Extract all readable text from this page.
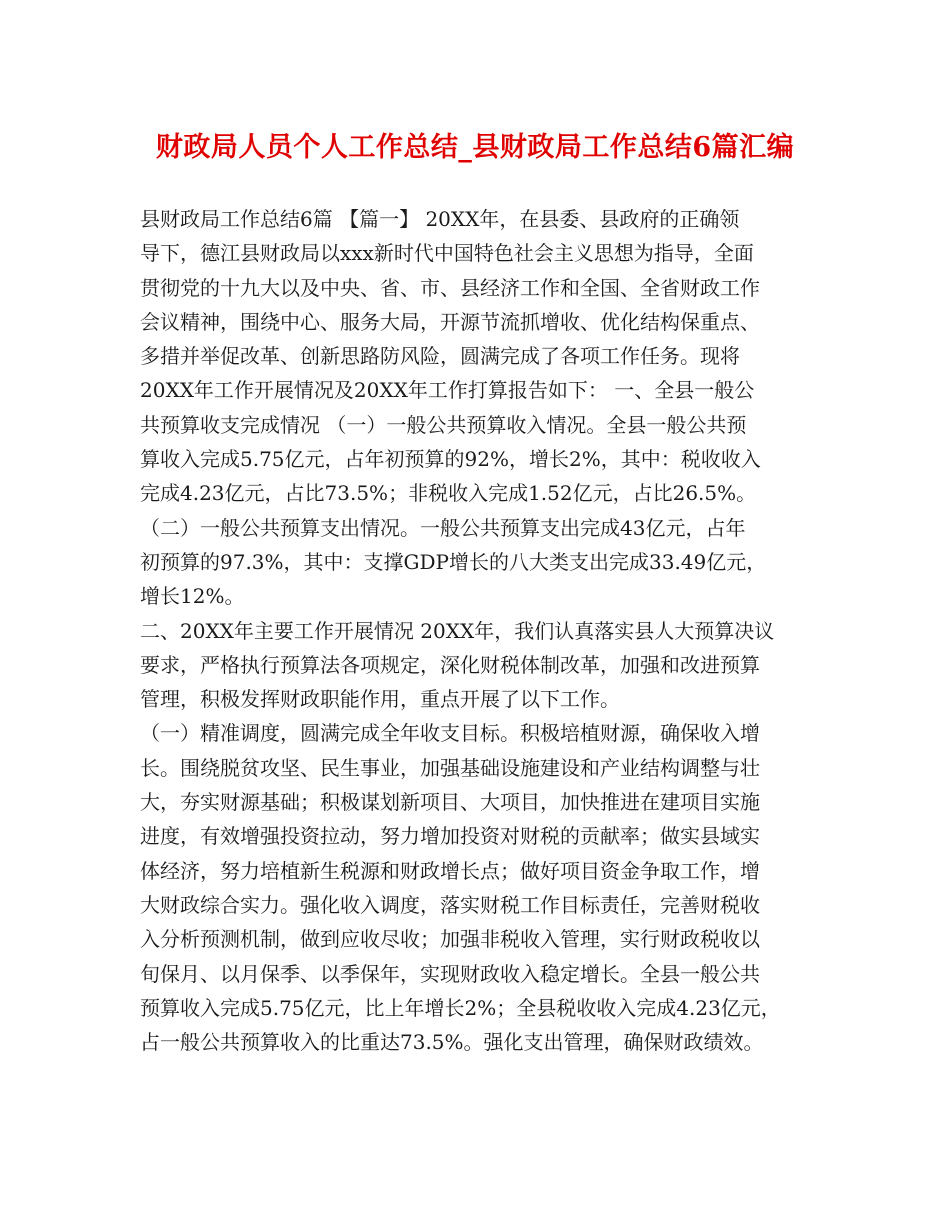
财政局人员个人工作总结_县财政局工作总结6篇汇编
县财政局工作总结6篇 【篇一】 20XX年，在县委、县政府的正确领
导下，德江县财政局以xxx新时代中国特色社会主义思想为指导，全面
贯彻党的十九大以及中央、省、市、县经济工作和全国、全省财政工作
会议精神，围绕中心、服务大局，开源节流抓增收、优化结构保重点、
多措并举促改革、创新思路防风险，圆满完成了各项工作任务。现将
20XX年工作开展情况及20XX年工作打算报告如下： 一、全县一般公
共预算收支完成情况 （一）一般公共预算收入情况。全县一般公共预
算收入完成5.75亿元，占年初预算的92%，增长2%，其中：税收收入
完成4.23亿元，占比73.5%；非税收入完成1.52亿元，占比26.5%。
（二）一般公共预算支出情况。一般公共预算支出完成43亿元，占年
初预算的97.3%，其中：支撑GDP增长的八大类支出完成33.49亿元，
增长12%。
二、20XX年主要工作开展情况 20XX年，我们认真落实县人大预算决议
要求，严格执行预算法各项规定，深化财税体制改革，加强和改进预算
管理，积极发挥财政职能作用，重点开展了以下工作。
（一）精准调度，圆满完成全年收支目标。积极培植财源，确保收入增
长。围绕脱贫攻坚、民生事业，加强基础设施建设和产业结构调整与壮
大，夯实财源基础；积极谋划新项目、大项目，加快推进在建项目实施
进度，有效增强投资拉动，努力增加投资对财税的贡献率；做实县域实
体经济，努力培植新生税源和财政增长点；做好项目资金争取工作，增
大财政综合实力。强化收入调度，落实财税工作目标责任，完善财税收
入分析预测机制，做到应收尽收；加强非税收入管理，实行财政税收以
旬保月、以月保季、以季保年，实现财政收入稳定增长。全县一般公共
预算收入完成5.75亿元，比上年增长2%；全县税收收入完成4.23亿元，
占一般公共预算收入的比重达73.5%。强化支出管理，确保财政绩效。
